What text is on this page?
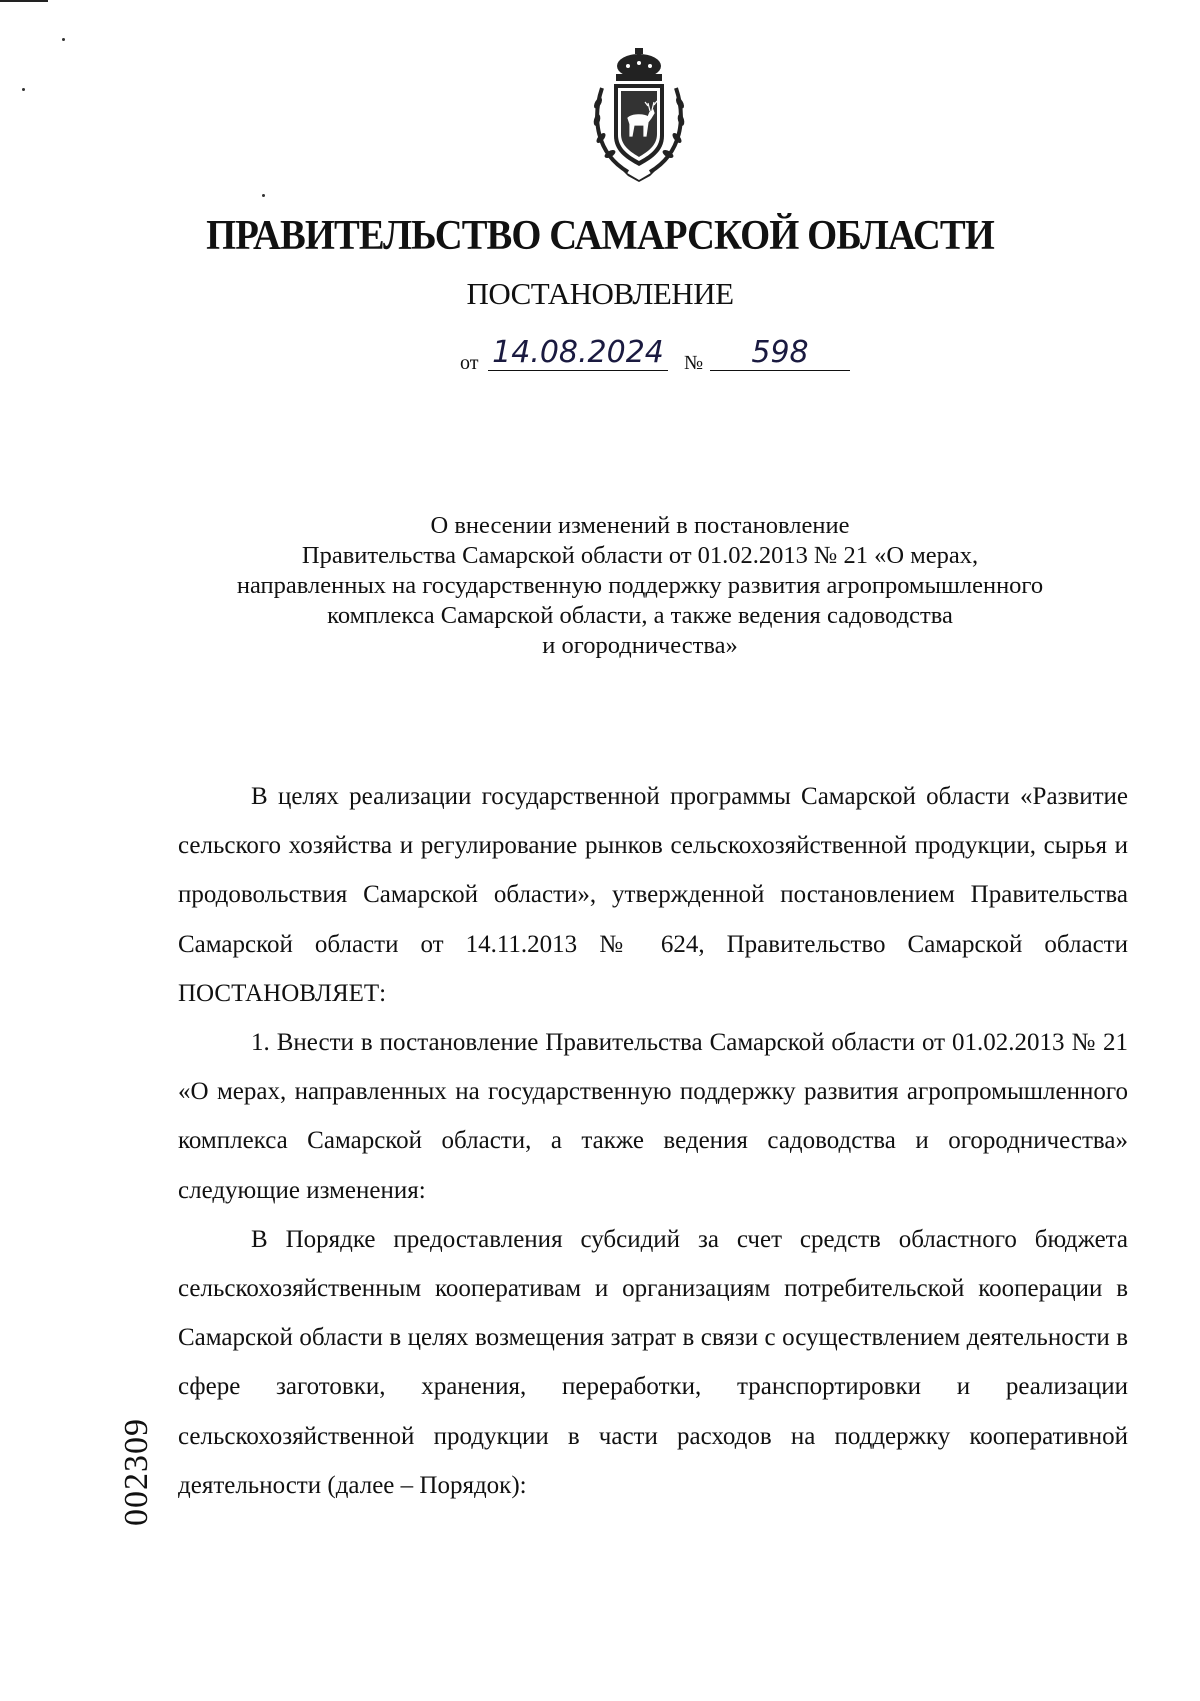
ПРАВИТЕЛЬСТВО САМАРСКОЙ ОБЛАСТИ
ПОСТАНОВЛЕНИЕ
от 14.08.2024 №	598
О внесении изменений в постановление
Правительства Самарской области от 01.02.2013 № 21 «О мерах,
направленных на государственную поддержку развития агропромышленного
комплекса Самарской области, а также ведения садоводства
и огородничества»

В целях реализации государственной программы Самарской области «Развитие сельского хозяйства и регулирование рынков сельскохозяйственной продукции, сырья и продовольствия Самарской области», утвержденной постановлением Правительства Самарской области от 14.11.2013 № 624, Правительство Самарской области ПОСТАНОВЛЯЕТ:

1. Внести в постановление Правительства Самарской области от 01.02.2013 № 21 «О мерах, направленных на государственную поддержку развития агропромышленного комплекса Самарской области, а также ведения садоводства и огородничества» следующие изменения:

В Порядке предоставления субсидий за счет средств областного бюджета сельскохозяйственным кооперативам и организациям потребительской кооперации в Самарской области в целях возмещения затрат в связи с осуществлением деятельности в сфере заготовки, хранения, переработки, транспортировки и реализации сельскохозяйственной продукции в части расходов на поддержку кооперативной деятельности (далее – Порядок):

002309
